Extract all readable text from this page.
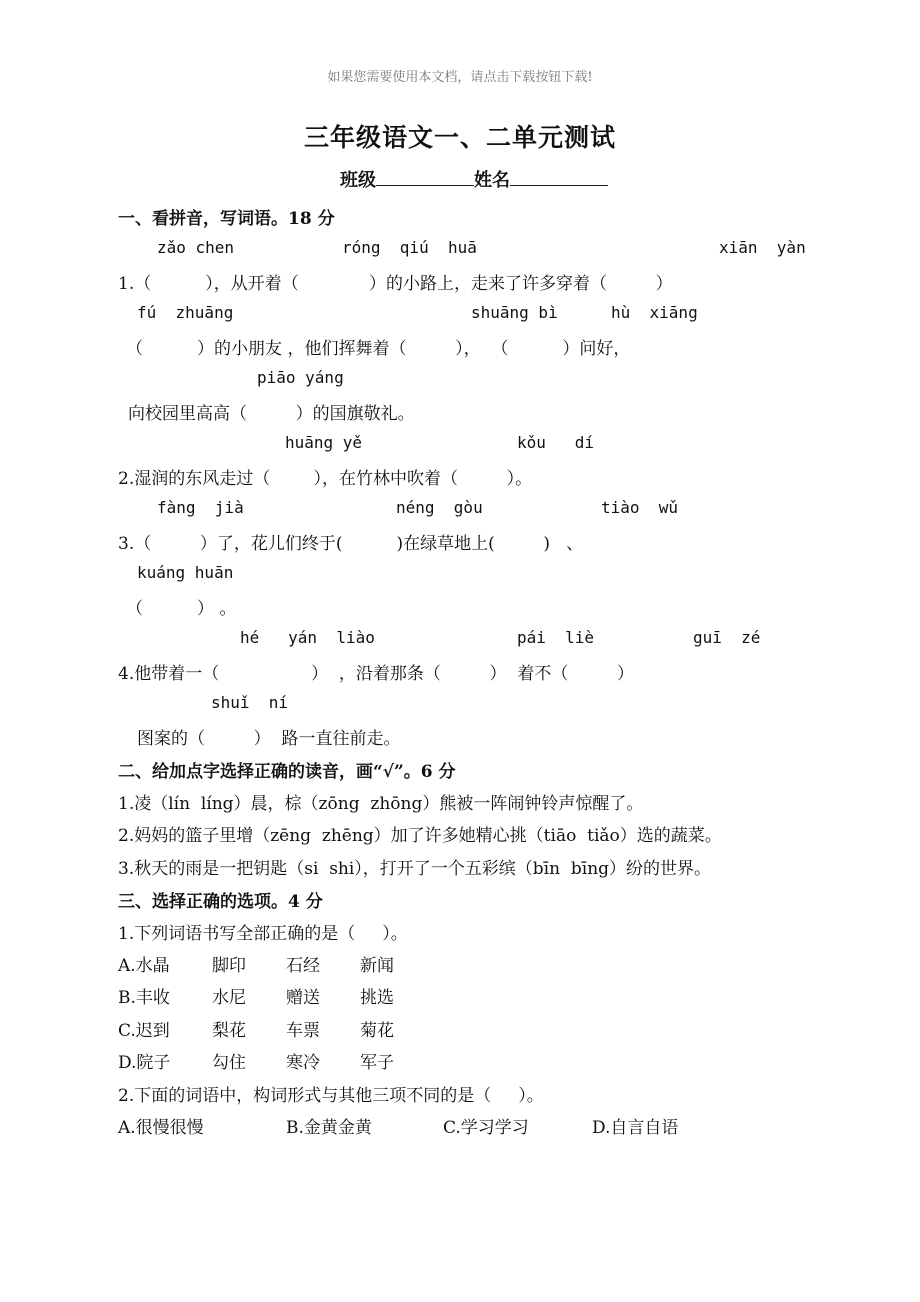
如果您需要使用本文档，请点击下载按钮下载!
三年级语文一、二单元测试
班级	姓名
一、看拼音，写词语。18 分
zǎo chen	róng  qiú  huā	xiān  yàn
1.（          ），从开着（             ）的小路上，走来了许多穿着（         ）
fú  zhuāng	shuāng bì	hù  xiāng
（          ）的小朋友 ，他们挥舞着（         ），  （          ）问好，
piāo yáng
向校园里高高（         ）的国旗敬礼。
huāng yě	kǒu   dí
2.湿润的东风走过（        ），在竹林中吹着（         ）。
fàng  jià	néng  gòu	tiào  wǔ
3.（         ）了，花儿们终于(          )在绿草地上(         )   、
kuáng huān
（          ） 。
hé   yán  liào	pái  liè	guī  zé
4.他带着一（                 ）  ，沿着那条（         ）  着不（         ）
shuǐ  ní
图案的（         ）  路一直往前走。
二、给加点字选择正确的读音，画“√”。6 分
1.凌（lín  líng）晨，棕（zōng  zhōng）熊被一阵闹钟铃声惊醒了。
2.妈妈的篮子里增（zēng  zhēng）加了许多她精心挑（tiāo  tiǎo）选的蔬菜。
3.秋天的雨是一把钥匙（si  shi），打开了一个五彩缤（bīn  bīng）纷的世界。
三、选择正确的选项。4 分
1.下列词语书写全部正确的是（     ）。
A.水晶 脚印 石经 新闻
B.丰收 水尼 赠送 挑选
C.迟到 梨花 车票 菊花
D.院子 勾住 寒冷 军子
2.下面的词语中，构词形式与其他三项不同的是（     ）。
A.很慢很慢	B.金黄金黄	C.学习学习	D.自言自语
